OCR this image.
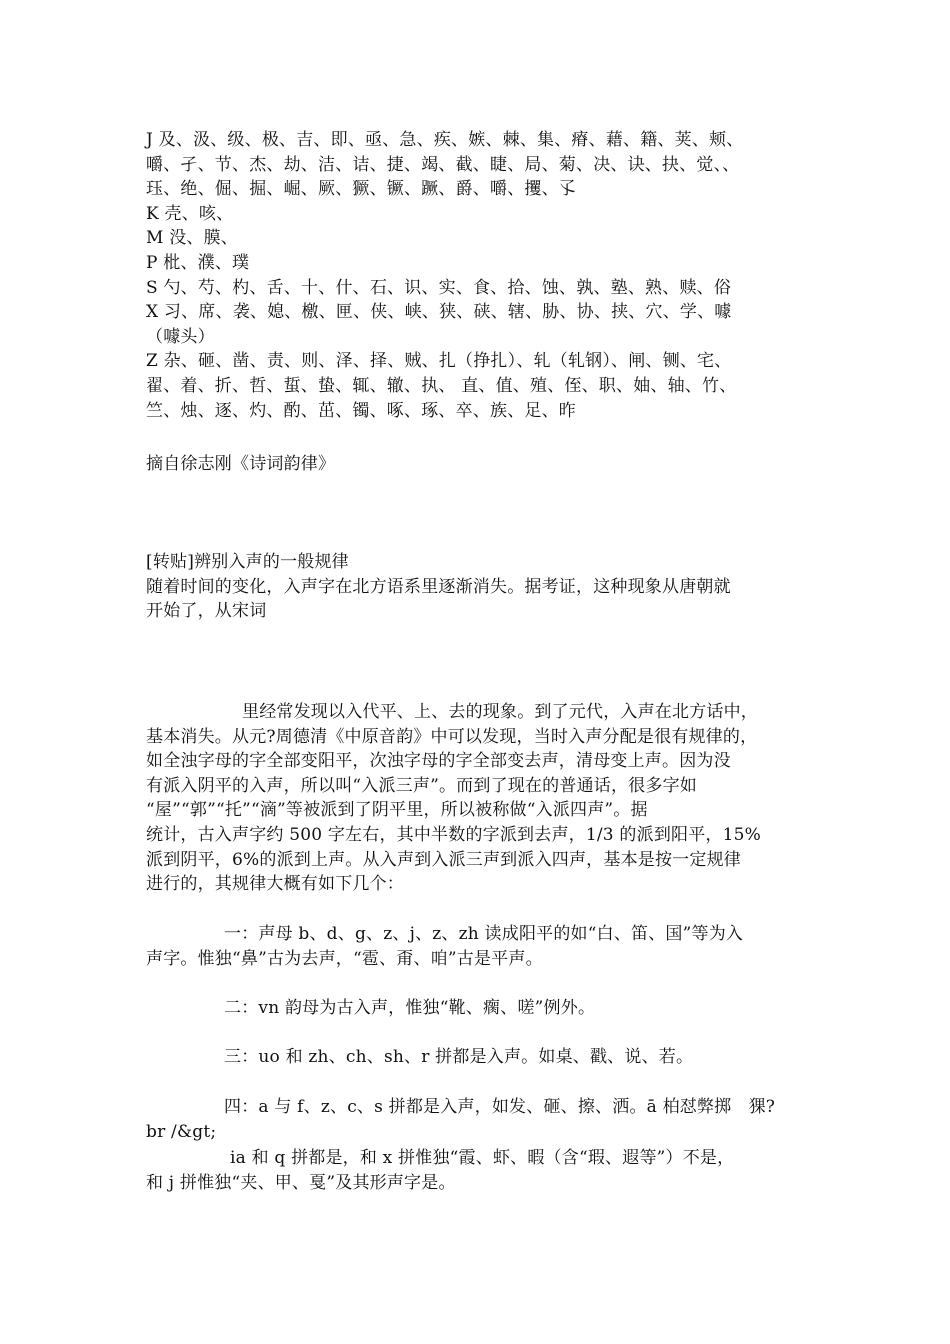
J 及、汲、级、极、吉、即、亟、急、疾、嫉、棘、集、瘠、藉、籍、荚、颊、
嚼、孑、节、杰、劫、洁、诘、捷、竭、截、睫、局、菊、决、诀、抉、觉、、
珏、绝、倔、掘、崛、厥、獗、镢、蹶、爵、嚼、攫、孓
K 壳、咳、
M 没、膜、
P 枇、濮、璞
S 勺、芍、杓、舌、十、什、石、识、实、食、拾、蚀、孰、塾、熟、赎、俗
X 习、席、袭、媳、檄、匣、侠、峡、狭、硖、辖、胁、协、挟、穴、学、噱
（噱头）
Z 杂、砸、凿、责、则、泽、择、贼、扎（挣扎）、轧（轧钢）、闸、铡、宅、
翟、着、折、哲、蜇、蛰、辄、辙、执、 直、值、殖、侄、职、妯、轴、竹、
竺、烛、逐、灼、酌、茁、镯、啄、琢、卒、族、足、昨
摘自徐志刚《诗词韵律》
[转贴]辨别入声的一般规律
随着时间的变化，入声字在北方语系里逐渐消失。据考证，这种现象从唐朝就
开始了，从宋词
里经常发现以入代平、上、去的现象。到了元代，入声在北方话中，
基本消失。从元?周德清《中原音韵》中可以发现，当时入声分配是很有规律的，
如全浊字母的字全部变阳平，次浊字母的字全部变去声，清母变上声。因为没
有派入阴平的入声，所以叫“入派三声”。而到了现在的普通话，很多字如
“屋”“郭”“托”“滴”等被派到了阴平里，所以被称做“入派四声”。据
统计，古入声字约 500 字左右，其中半数的字派到去声，1/3 的派到阳平，15%
派到阴平，6%的派到上声。从入声到入派三声到派入四声，基本是按一定规律
进行的，其规律大概有如下几个：
一：声母 b、d、g、z、j、z、zh 读成阳平的如“白、笛、国”等为入
声字。惟独“鼻”古为去声，“雹、甭、咱”古是平声。
二：vn 韵母为古入声，惟独“靴、瘸、嗟”例外。
三：uo 和 zh、ch、sh、r 拼都是入声。如桌、戳、说、若。
四：a 与 f、z、c、s 拼都是入声，如发、砸、擦、洒。ā 柏怼弊掷　猓?
br /&gt;
ia 和 q 拼都是，和 x 拼惟独“霞、虾、暇（含“瑕、遐等”）不是，
和 j 拼惟独“夹、甲、戛”及其形声字是。
